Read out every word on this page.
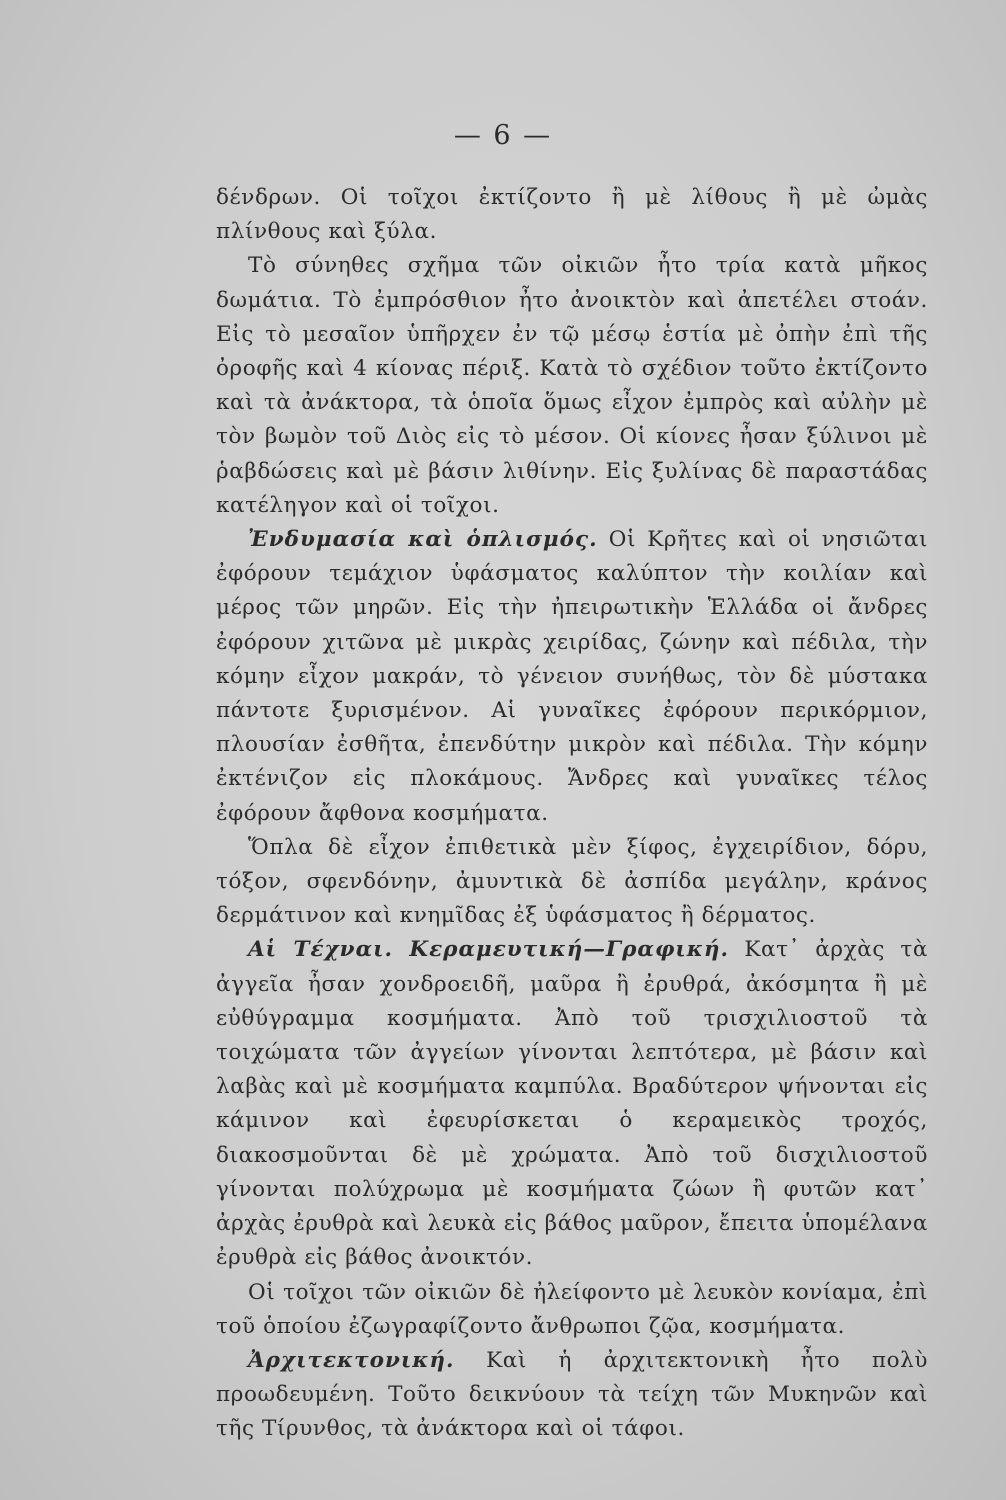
— 6 —

δένδρων. Οἱ τοῖχοι ἐκτίζοντο ἢ μὲ λίθους ἢ μὲ ὠμὰς πλίνθους καὶ ξύλα.

Τὸ σύνηθες σχῆμα τῶν οἰκιῶν ἦτο τρία κατὰ μῆκος δωμάτια. Τὸ ἐμπρόσθιον ἦτο ἀνοικτὸν καὶ ἀπετέλει στοάν. Εἰς τὸ μεσαῖον ὑπῆρχεν ἐν τῷ μέσῳ ἑστία μὲ ὀπὴν ἐπὶ τῆς ὀροφῆς καὶ 4 κίονας πέριξ. Κατὰ τὸ σχέδιον τοῦτο ἐκτίζοντο καὶ τὰ ἀνάκτορα, τὰ ὁποῖα ὅμως εἶχον ἐμπρὸς καὶ αὐλὴν μὲ τὸν βωμὸν τοῦ Διὸς εἰς τὸ μέσον. Οἱ κίονες ἦσαν ξύλινοι μὲ ῥαβδώσεις καὶ μὲ βάσιν λιθίνην. Εἰς ξυλίνας δὲ παραστάδας κατέληγον καὶ οἱ τοῖχοι.

Ἐνδυμασία καὶ ὁπλισμός. Οἱ Κρῆτες καὶ οἱ νησιῶται ἐφόρουν τεμάχιον ὑφάσματος καλύπτον τὴν κοιλίαν καὶ μέρος τῶν μηρῶν. Εἰς τὴν ἠπειρωτικὴν Ἑλλάδα οἱ ἄνδρες ἐφόρουν χιτῶνα μὲ μικρὰς χειρίδας, ζώνην καὶ πέδιλα, τὴν κόμην εἶχον μακράν, τὸ γένειον συνήθως, τὸν δὲ μύστακα πάντοτε ξυρισμένον. Αἱ γυναῖκες ἐφόρουν περικόρμιον, πλουσίαν ἐσθῆτα, ἐπενδύτην μικρὸν καὶ πέδιλα. Τὴν κόμην ἐκτένιζον εἰς πλοκάμους. Ἄνδρες καὶ γυναῖκες τέλος ἐφόρουν ἄφθονα κοσμήματα.

Ὅπλα δὲ εἶχον ἐπιθετικὰ μὲν ξίφος, ἐγχειρίδιον, δόρυ, τόξον, σφενδόνην, ἀμυντικὰ δὲ ἀσπίδα μεγάλην, κράνος δερμάτινον καὶ κνημῖδας ἐξ ὑφάσματος ἢ δέρματος.

Αἱ Τέχναι. Κεραμευτική—Γραφική. Κατ᾽ ἀρχὰς τὰ ἀγγεῖα ἦσαν χονδροειδῆ, μαῦρα ἢ ἐρυθρά, ἀκόσμητα ἢ μὲ εὐθύγραμμα κοσμήματα. Ἀπὸ τοῦ τρισχιλιοστοῦ τὰ τοιχώματα τῶν ἀγγείων γίνονται λεπτότερα, μὲ βάσιν καὶ λαβὰς καὶ μὲ κοσμήματα καμπύλα. Βραδύτερον ψήνονται εἰς κάμινον καὶ ἐφευρίσκεται ὁ κεραμεικὸς τροχός, διακοσμοῦνται δὲ μὲ χρώματα. Ἀπὸ τοῦ δισχιλιοστοῦ γίνονται πολύχρωμα μὲ κοσμήματα ζώων ἢ φυτῶν κατ᾽ ἀρχὰς ἐρυθρὰ καὶ λευκὰ εἰς βάθος μαῦρον, ἔπειτα ὑπομέλανα ἐρυθρὰ εἰς βάθος ἀνοικτόν.

Οἱ τοῖχοι τῶν οἰκιῶν δὲ ἠλείφοντο μὲ λευκὸν κονίαμα, ἐπὶ τοῦ ὁποίου ἐζωγραφίζοντο ἄνθρωποι ζῷα, κοσμήματα.

Ἀρχιτεκτονική. Καὶ ἡ ἀρχιτεκτονικὴ ἦτο πολὺ προωδευμένη. Τοῦτο δεικνύουν τὰ τείχη τῶν Μυκηνῶν καὶ τῆς Τίρυνθος, τὰ ἀνάκτορα καὶ οἱ τάφοι.
